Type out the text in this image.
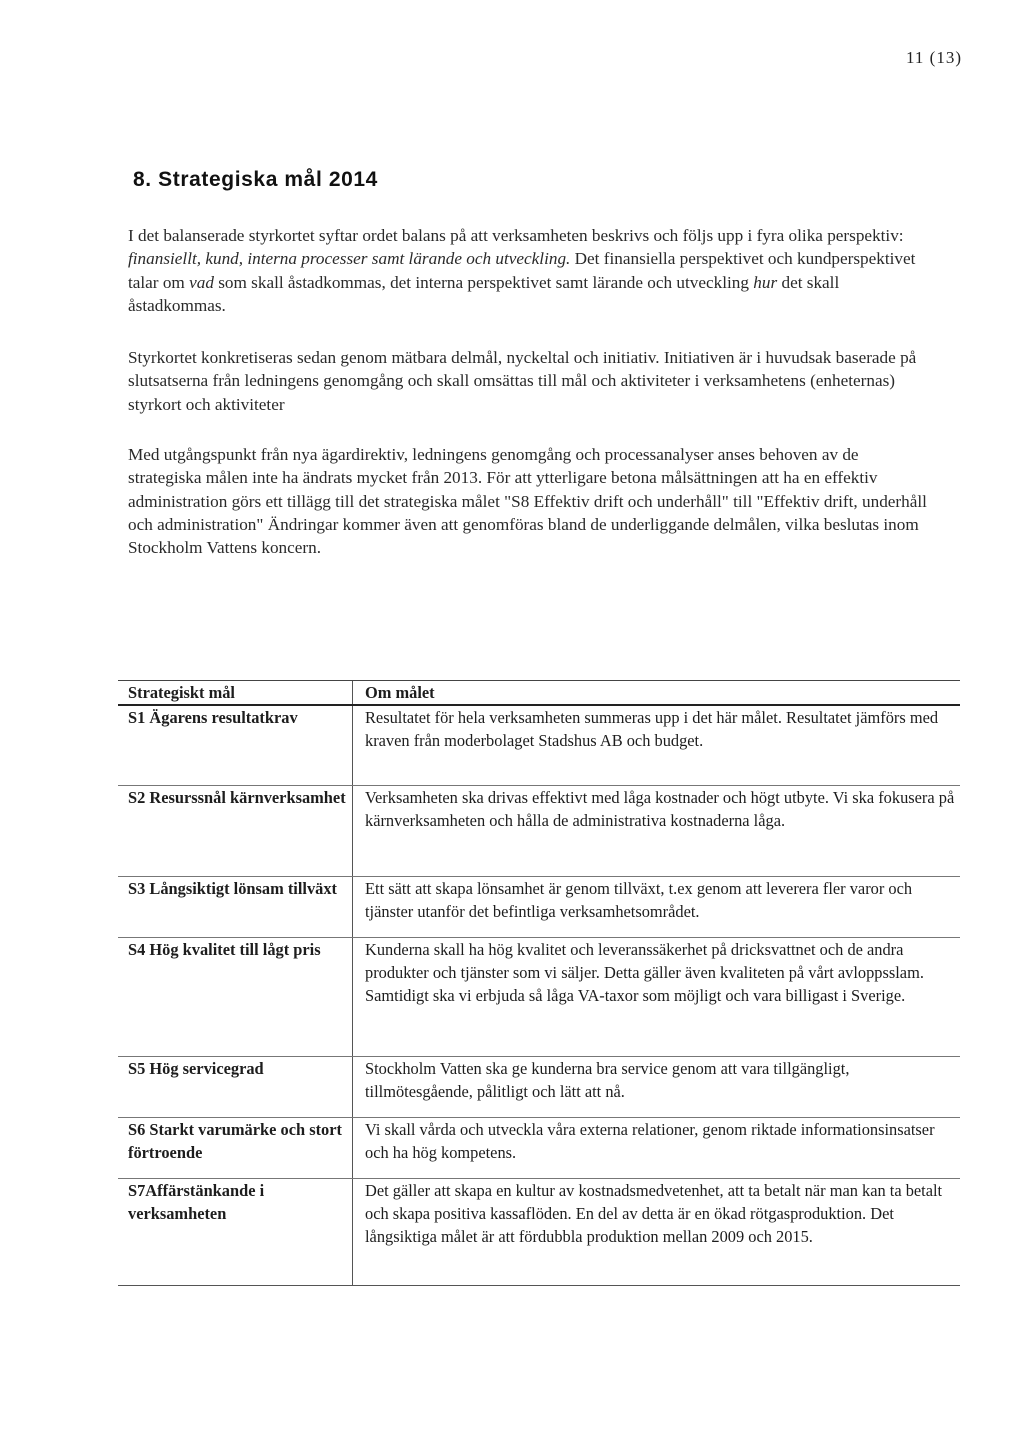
11 (13)
8. Strategiska mål 2014

I det balanserade styrkortet syftar ordet balans på att verksamheten beskrivs och följs upp i fyra olika perspektiv: finansiellt, kund, interna processer samt lärande och utveckling. Det finansiella perspektivet och kundperspektivet talar om vad som skall åstadkommas, det interna perspektivet samt lärande och utveckling hur det skall åstadkommas.

Styrkortet konkretiseras sedan genom mätbara delmål, nyckeltal och initiativ. Initiativen är i huvudsak baserade på slutsatserna från ledningens genomgång och skall omsättas till mål och aktiviteter i verksamhetens (enheternas) styrkort och aktiviteter

Med utgångspunkt från nya ägardirektiv, ledningens genomgång och processanalyser anses behoven av de strategiska målen inte ha ändrats mycket från 2013. För att ytterligare betona målsättningen att ha en effektiv administration görs ett tillägg till det strategiska målet "S8 Effektiv drift och underhåll" till "Effektiv drift, underhåll och administration" Ändringar kommer även att genomföras bland de underliggande delmålen, vilka beslutas inom Stockholm Vattens koncern.

Strategiskt mål	Om målet
S1 Ägarens resultatkrav	Resultatet för hela verksamheten summeras upp i det här målet. Resultatet jämförs med kraven från moderbolaget Stadshus AB och budget.
S2 Resurssnål kärnverksamhet	Verksamheten ska drivas effektivt med låga kostnader och högt utbyte. Vi ska fokusera på kärnverksamheten och hålla de administrativa kostnaderna låga.
S3 Långsiktigt lönsam tillväxt	Ett sätt att skapa lönsamhet är genom tillväxt, t.ex genom att leverera fler varor och tjänster utanför det befintliga verksamhetsområdet.
S4 Hög kvalitet till lågt pris	Kunderna skall ha hög kvalitet och leveranssäkerhet på dricksvattnet och de andra produkter och tjänster som vi säljer. Detta gäller även kvaliteten på vårt avloppsslam. Samtidigt ska vi erbjuda så låga VA-taxor som möjligt och vara billigast i Sverige.
S5 Hög servicegrad	Stockholm Vatten ska ge kunderna bra service genom att vara tillgängligt, tillmötesgående, pålitligt och lätt att nå.
S6 Starkt varumärke och stort förtroende	Vi skall vårda och utveckla våra externa relationer, genom riktade informationsinsatser och ha hög kompetens.
S7Affärstänkande i verksamheten	Det gäller att skapa en kultur av kostnadsmedvetenhet, att ta betalt när man kan ta betalt och skapa positiva kassaflöden. En del av detta är en ökad rötgasproduktion. Det långsiktiga målet är att fördubbla produktion mellan 2009 och 2015.
